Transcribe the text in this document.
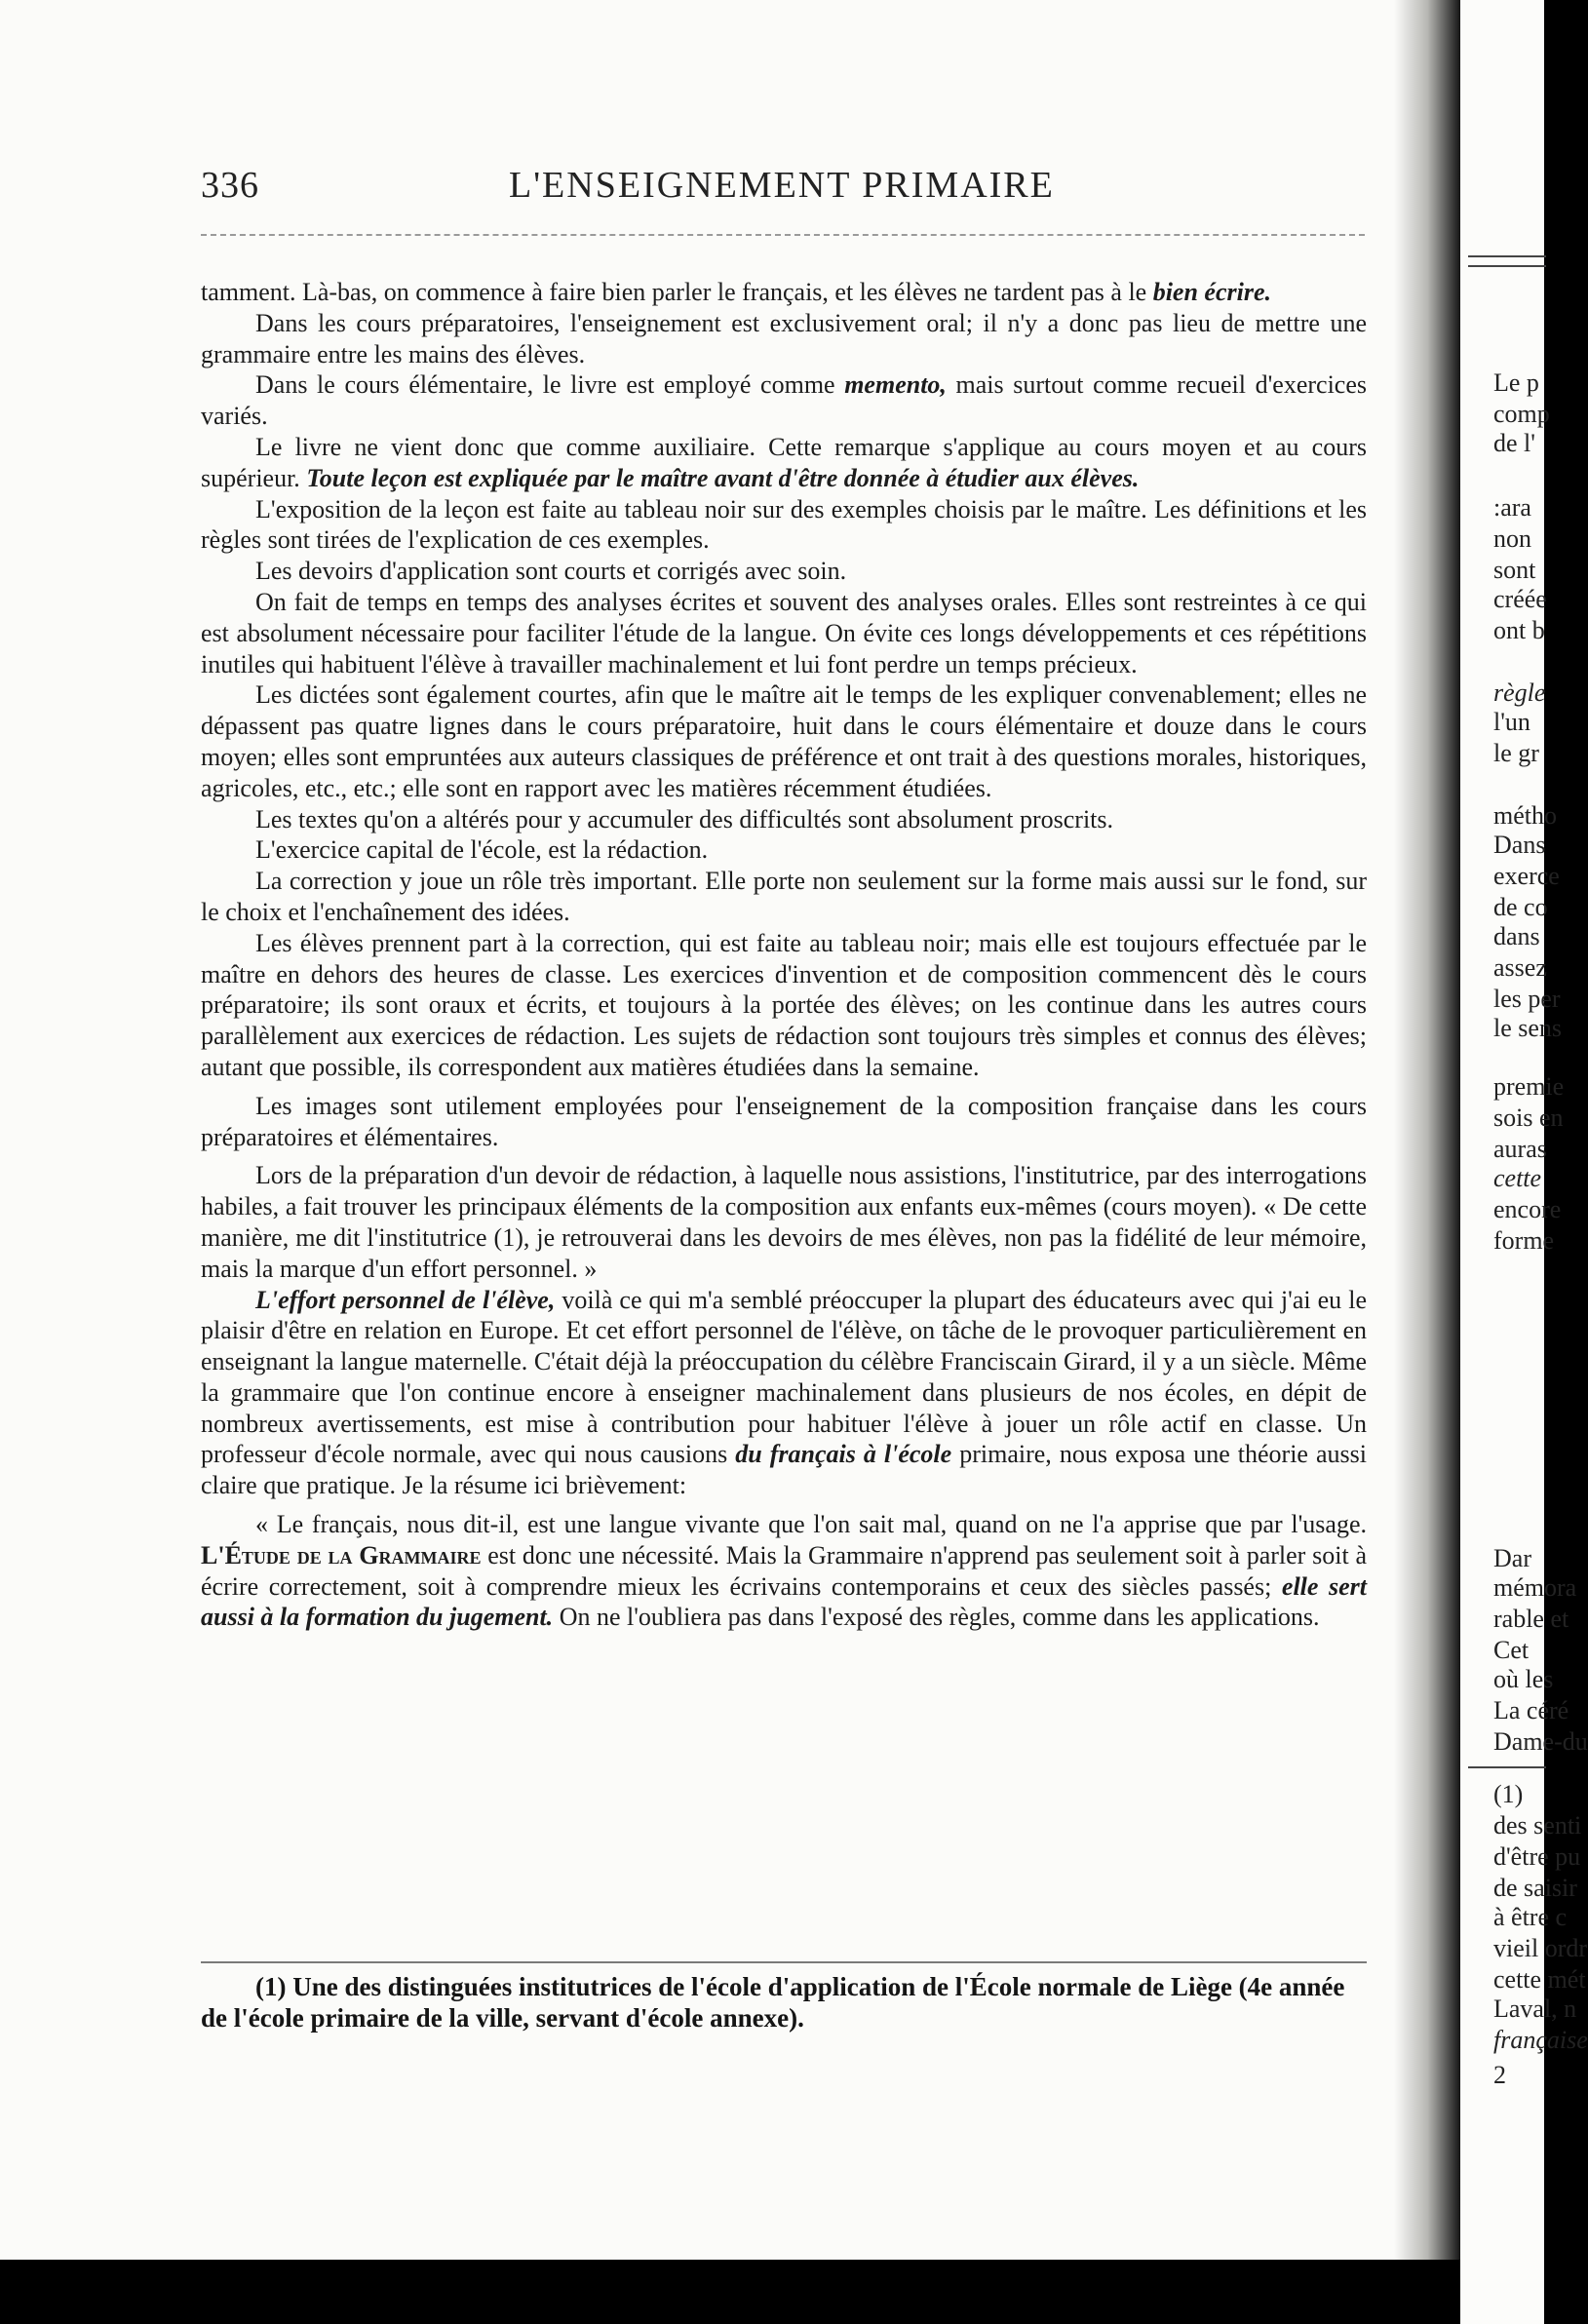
336	L'ENSEIGNEMENT PRIMAIRE

tamment. Là-bas, on commence à faire bien parler le français, et les élèves ne tardent pas à le bien écrire.

Dans les cours préparatoires, l'enseignement est exclusivement oral; il n'y a donc pas lieu de mettre une grammaire entre les mains des élèves.

Dans le cours élémentaire, le livre est employé comme memento, mais surtout comme recueil d'exercices variés.

Le livre ne vient donc que comme auxiliaire. Cette remarque s'applique au cours moyen et au cours supérieur. Toute leçon est expliquée par le maître avant d'être donnée à étudier aux élèves.

L'exposition de la leçon est faite au tableau noir sur des exemples choisis par le maître. Les définitions et les règles sont tirées de l'explication de ces exemples.

Les devoirs d'application sont courts et corrigés avec soin.

On fait de temps en temps des analyses écrites et souvent des analyses orales. Elles sont restreintes à ce qui est absolument nécessaire pour faciliter l'étude de la langue. On évite ces longs développements et ces répétitions inutiles qui habituent l'élève à travailler machinalement et lui font perdre un temps précieux.

Les dictées sont également courtes, afin que le maître ait le temps de les expliquer convenablement; elles ne dépassent pas quatre lignes dans le cours préparatoire, huit dans le cours élémentaire et douze dans le cours moyen; elles sont empruntées aux auteurs classiques de préférence et ont trait à des questions morales, historiques, agricoles, etc., etc.; elle sont en rapport avec les matières récemment étudiées.

Les textes qu'on a altérés pour y accumuler des difficultés sont absolument proscrits.

L'exercice capital de l'école, est la rédaction.

La correction y joue un rôle très important. Elle porte non seulement sur la forme mais aussi sur le fond, sur le choix et l'enchaînement des idées.

Les élèves prennent part à la correction, qui est faite au tableau noir; mais elle est toujours effectuée par le maître en dehors des heures de classe. Les exercices d'invention et de composition commencent dès le cours préparatoire; ils sont oraux et écrits, et toujours à la portée des élèves; on les continue dans les autres cours parallèlement aux exercices de rédaction. Les sujets de rédaction sont toujours très simples et connus des élèves; autant que possible, ils correspondent aux matières étudiées dans la semaine.

Les images sont utilement employées pour l'enseignement de la composition française dans les cours préparatoires et élémentaires.

Lors de la préparation d'un devoir de rédaction, à laquelle nous assistions, l'institutrice, par des interrogations habiles, a fait trouver les principaux éléments de la composition aux enfants eux-mêmes (cours moyen). « De cette manière, me dit l'institutrice (1), je retrouverai dans les devoirs de mes élèves, non pas la fidélité de leur mémoire, mais la marque d'un effort personnel. »

L'effort personnel de l'élève, voilà ce qui m'a semblé préoccuper la plupart des éducateurs avec qui j'ai eu le plaisir d'être en relation en Europe. Et cet effort personnel de l'élève, on tâche de le provoquer particulièrement en enseignant la langue maternelle. C'était déjà la préoccupation du célèbre Franciscain Girard, il y a un siècle. Même la grammaire que l'on continue encore à enseigner machinalement dans plusieurs de nos écoles, en dépit de nombreux avertissements, est mise à contribution pour habituer l'élève à jouer un rôle actif en classe. Un professeur d'école normale, avec qui nous causions du français à l'école primaire, nous exposa une théorie aussi claire que pratique. Je la résume ici brièvement:

« Le français, nous dit-il, est une langue vivante que l'on sait mal, quand on ne l'a apprise que par l'usage. L'Étude de la Grammaire est donc une nécessité. Mais la Grammaire n'apprend pas seulement soit à parler soit à écrire correctement, soit à comprendre mieux les écrivains contemporains et ceux des siècles passés; elle sert aussi à la formation du jugement. On ne l'oubliera pas dans l'exposé des règles, comme dans les applications.

(1) Une des distinguées institutrices de l'école d'application de l'École normale de Liège (4e année de l'école primaire de la ville, servant d'école annexe).

Le p
comp
de l'
:ara
non
sont
créée
ont b
règle
l'un
le gr
métho
Dans
exerce
de co
dans
assez
les per
le sens
premie
sois en
auras
cette
encore
forme
Dar
mémora
rable et
Cet
où les
La céré
Dame-du
(1)
des senti
d'être pu
de saisir
à être c
vieil ordr
cette mét
Laval, n
française
2
